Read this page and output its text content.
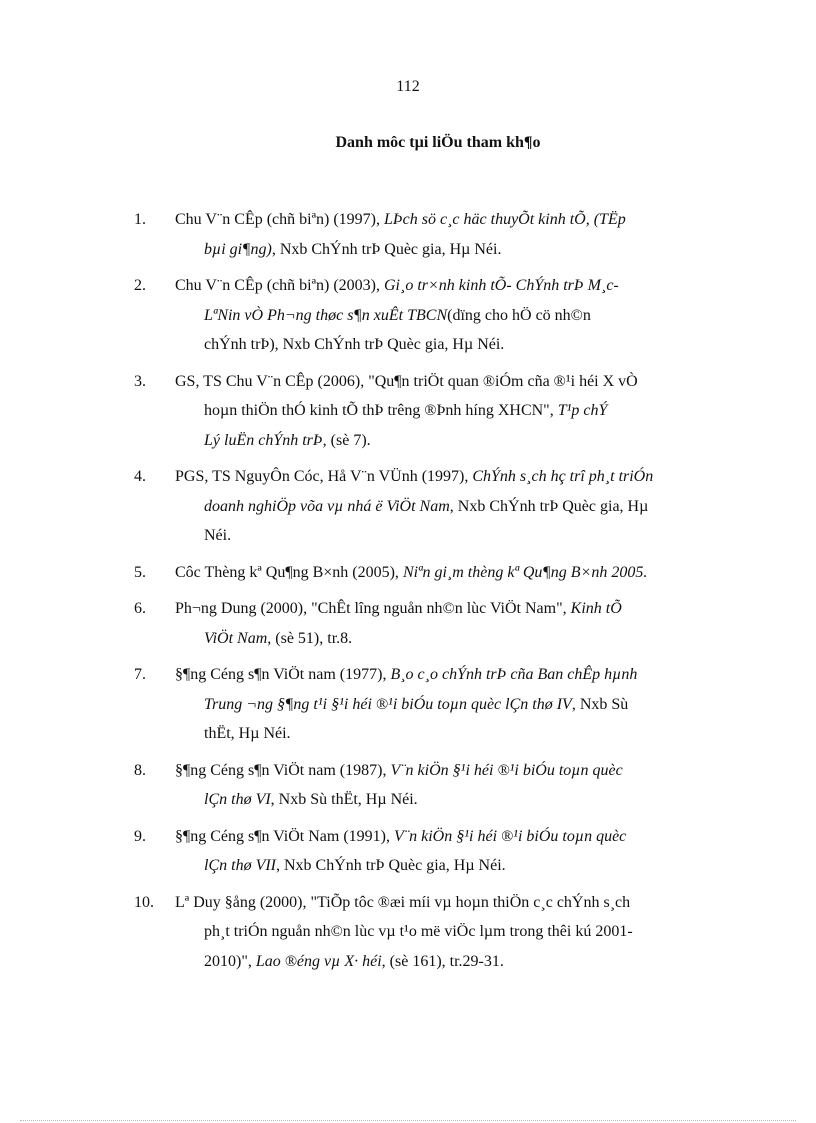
112
Danh môc tµi liÖu tham kh¶o
1. Chu V¨n CÊp (chñ biªn) (1997), LÞch sö c¸c häc thuyÕt kinh tÕ, (TËp
bµi gi¶ng), Nxb ChÝnh trÞ Quèc gia, Hµ Néi.
2. Chu V¨n CÊp (chñ biªn) (2003), Gi¸o tr×nh kinh tÕ- ChÝnh trÞ M¸c-
LªNin vÒ Ph¬ng thøc s¶n xuÊt TBCN(dïng cho hÖ cö nh©n
chÝnh trÞ), Nxb ChÝnh trÞ Quèc gia, Hµ Néi.
3. GS, TS Chu V¨n CÊp (2006), "Qu¶n triÖt quan ®iÓm cña ®¹i héi X vÒ
hoµn thiÖn thÓ kinh tÕ thÞ trêng ®Þnh híng XHCN", T¹p chÝ
Lý luËn chÝnh trÞ, (sè 7).
4. PGS, TS NguyÔn Cóc, Hå V¨n VÜnh (1997), ChÝnh s¸ch hç trî ph¸t triÓn
doanh nghiÖp võa vµ nhá ë ViÖt Nam, Nxb ChÝnh trÞ Quèc gia, Hµ
Néi.
5. Côc Thèng kª Qu¶ng B×nh (2005), Niªn gi¸m thèng kª Qu¶ng B×nh 2005.
6. Ph¬ng Dung (2000), "ChÊt lîng nguån nh©n lùc ViÖt Nam", Kinh tÕ
ViÖt Nam, (sè 51), tr.8.
7. §¶ng Céng s¶n ViÖt nam (1977), B¸o c¸o chÝnh trÞ cña Ban chÊp hµnh
Trung ¬ng §¶ng t¹i §¹i héi ®¹i biÓu toµn quèc lÇn thø IV, Nxb Sù
thËt, Hµ Néi.
8. §¶ng Céng s¶n ViÖt nam (1987), V¨n kiÖn §¹i héi ®¹i biÓu toµn quèc
lÇn thø VI, Nxb Sù thËt, Hµ Néi.
9. §¶ng Céng s¶n ViÖt Nam (1991), V¨n kiÖn §¹i héi ®¹i biÓu toµn quèc
lÇn thø VII, Nxb ChÝnh trÞ Quèc gia, Hµ Néi.
10. Lª Duy §ång (2000), "TiÕp tôc ®æi míi vµ hoµn thiÖn c¸c chÝnh s¸ch
ph¸t triÓn nguån nh©n lùc vµ t¹o më viÖc lµm trong thêi kú 2001-
2010)", Lao ®éng vµ X· héi, (sè 161), tr.29-31.
